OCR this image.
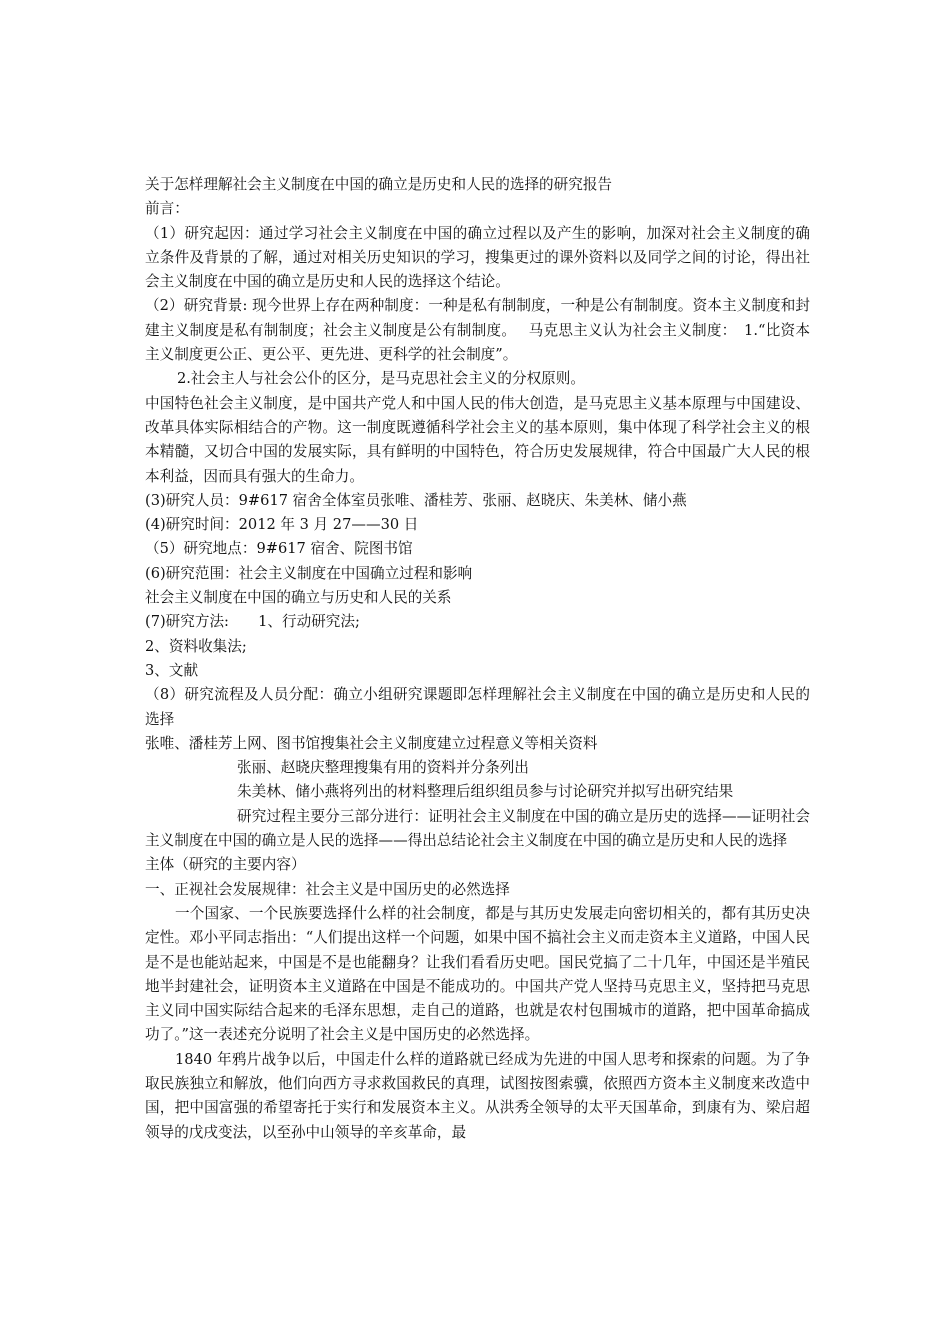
关于怎样理解社会主义制度在中国的确立是历史和人民的选择的研究报告

前言：

（1）研究起因：通过学习社会主义制度在中国的确立过程以及产生的影响，加深对社会主义制度的确立条件及背景的了解，通过对相关历史知识的学习，搜集更过的课外资料以及同学之间的讨论，得出社会主义制度在中国的确立是历史和人民的选择这个结论。

（2）研究背景: 现今世界上存在两种制度：一种是私有制制度，一种是公有制制度。资本主义制度和封建主义制度是私有制制度；社会主义制度是公有制制度。　 马克思主义认为社会主义制度：　1.“比资本主义制度更公正、更公平、更先进、更科学的社会制度”。

2.社会主人与社会公仆的区分，是马克思社会主义的分权原则。

中国特色社会主义制度，是中国共产党人和中国人民的伟大创造，是马克思主义基本原理与中国建设、改革具体实际相结合的产物。这一制度既遵循科学社会主义的基本原则，集中体现了科学社会主义的根本精髓，又切合中国的发展实际，具有鲜明的中国特色，符合历史发展规律，符合中国最广大人民的根本利益，因而具有强大的生命力。

(3)研究人员：9#617 宿舍全体室员张唯、潘桂芳、张丽、赵晓庆、朱美林、储小燕

(4)研究时间：2012 年 3 月 27——30 日

（5）研究地点：9#617 宿舍、院图书馆

(6)研究范围：社会主义制度在中国确立过程和影响

社会主义制度在中国的确立与历史和人民的关系

(7)研究方法:　　1、行动研究法;

2、资料收集法;

3、文献

（8）研究流程及人员分配：确立小组研究课题即怎样理解社会主义制度在中国的确立是历史和人民的选择

张唯、潘桂芳上网、图书馆搜集社会主义制度建立过程意义等相关资料

张丽、赵晓庆整理搜集有用的资料并分条列出

朱美林、储小燕将列出的材料整理后组织组员参与讨论研究并拟写出研究结果

研究过程主要分三部分进行：证明社会主义制度在中国的确立是历史的选择——证明社会主义制度在中国的确立是人民的选择——得出总结论社会主义制度在中国的确立是历史和人民的选择

主体（研究的主要内容）

一、正视社会发展规律：社会主义是中国历史的必然选择

一个国家、一个民族要选择什么样的社会制度，都是与其历史发展走向密切相关的，都有其历史决定性。邓小平同志指出：“人们提出这样一个问题，如果中国不搞社会主义而走资本主义道路，中国人民是不是也能站起来，中国是不是也能翻身？让我们看看历史吧。国民党搞了二十几年，中国还是半殖民地半封建社会，证明资本主义道路在中国是不能成功的。中国共产党人坚持马克思主义，坚持把马克思主义同中国实际结合起来的毛泽东思想，走自己的道路，也就是农村包围城市的道路，把中国革命搞成功了。”这一表述充分说明了社会主义是中国历史的必然选择。

1840 年鸦片战争以后，中国走什么样的道路就已经成为先进的中国人思考和探索的问题。为了争取民族独立和解放，他们向西方寻求救国救民的真理，试图按图索骥，依照西方资本主义制度来改造中国，把中国富强的希望寄托于实行和发展资本主义。从洪秀全领导的太平天国革命，到康有为、梁启超领导的戊戌变法，以至孙中山领导的辛亥革命，最
